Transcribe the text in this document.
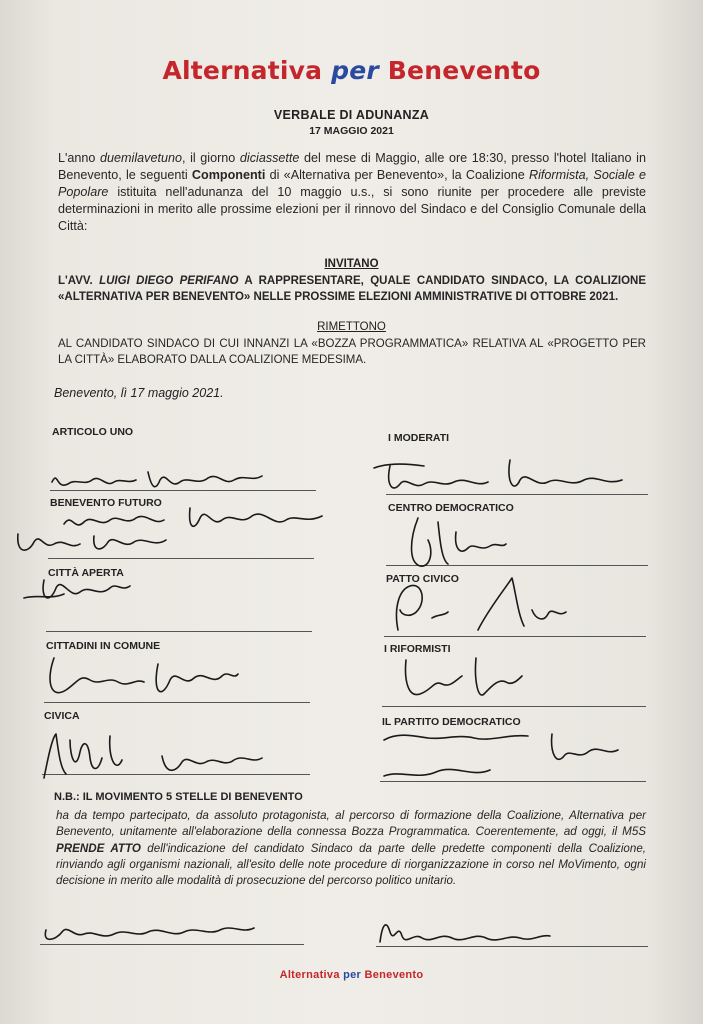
Alternativa per Benevento
VERBALE DI ADUNANZA
17 MAGGIO 2021
L'anno duemilavetuno, il giorno diciassette del mese di Maggio, alle ore 18:30, presso l'hotel Italiano in Benevento, le seguenti Componenti di «Alternativa per Benevento», la Coalizione Riformista, Sociale e Popolare istituita nell'adunanza del 10 maggio u.s., si sono riunite per procedere alle previste determinazioni in merito alle prossime elezioni per il rinnovo del Sindaco e del Consiglio Comunale della Città:
INVITANO
L'AVV. LUIGI DIEGO PERIFANO A RAPPRESENTARE, QUALE CANDIDATO SINDACO, LA COALIZIONE «ALTERNATIVA PER BENEVENTO» NELLE PROSSIME ELEZIONI AMMINISTRATIVE DI OTTOBRE 2021.
RIMETTONO
AL CANDIDATO SINDACO DI CUI INNANZI LA «BOZZA PROGRAMMATICA» RELATIVA AL «PROGETTO PER LA CITTÀ» ELABORATO DALLA COALIZIONE MEDESIMA.
Benevento, lì 17 maggio 2021.
ARTICOLO UNO
BENEVENTO FUTURO
CITTÀ APERTA
CITTADINI IN COMUNE
CIVICA
I MODERATI
CENTRO DEMOCRATICO
PATTO CIVICO
I RIFORMISTI
IL PARTITO DEMOCRATICO
N.B.: IL MOVIMENTO 5 STELLE DI BENEVENTO
ha da tempo partecipato, da assoluto protagonista, al percorso di formazione della Coalizione, Alternativa per Benevento, unitamente all'elaborazione della connessa Bozza Programmatica. Coerentemente, ad oggi, il M5S PRENDE ATTO dell'indicazione del candidato Sindaco da parte delle predette componenti della Coalizione, rinviando agli organismi nazionali, all'esito delle note procedure di riorganizzazione in corso nel MoVimento, ogni decisione in merito alle modalità di prosecuzione del percorso politico unitario.
Alternativa per Benevento
